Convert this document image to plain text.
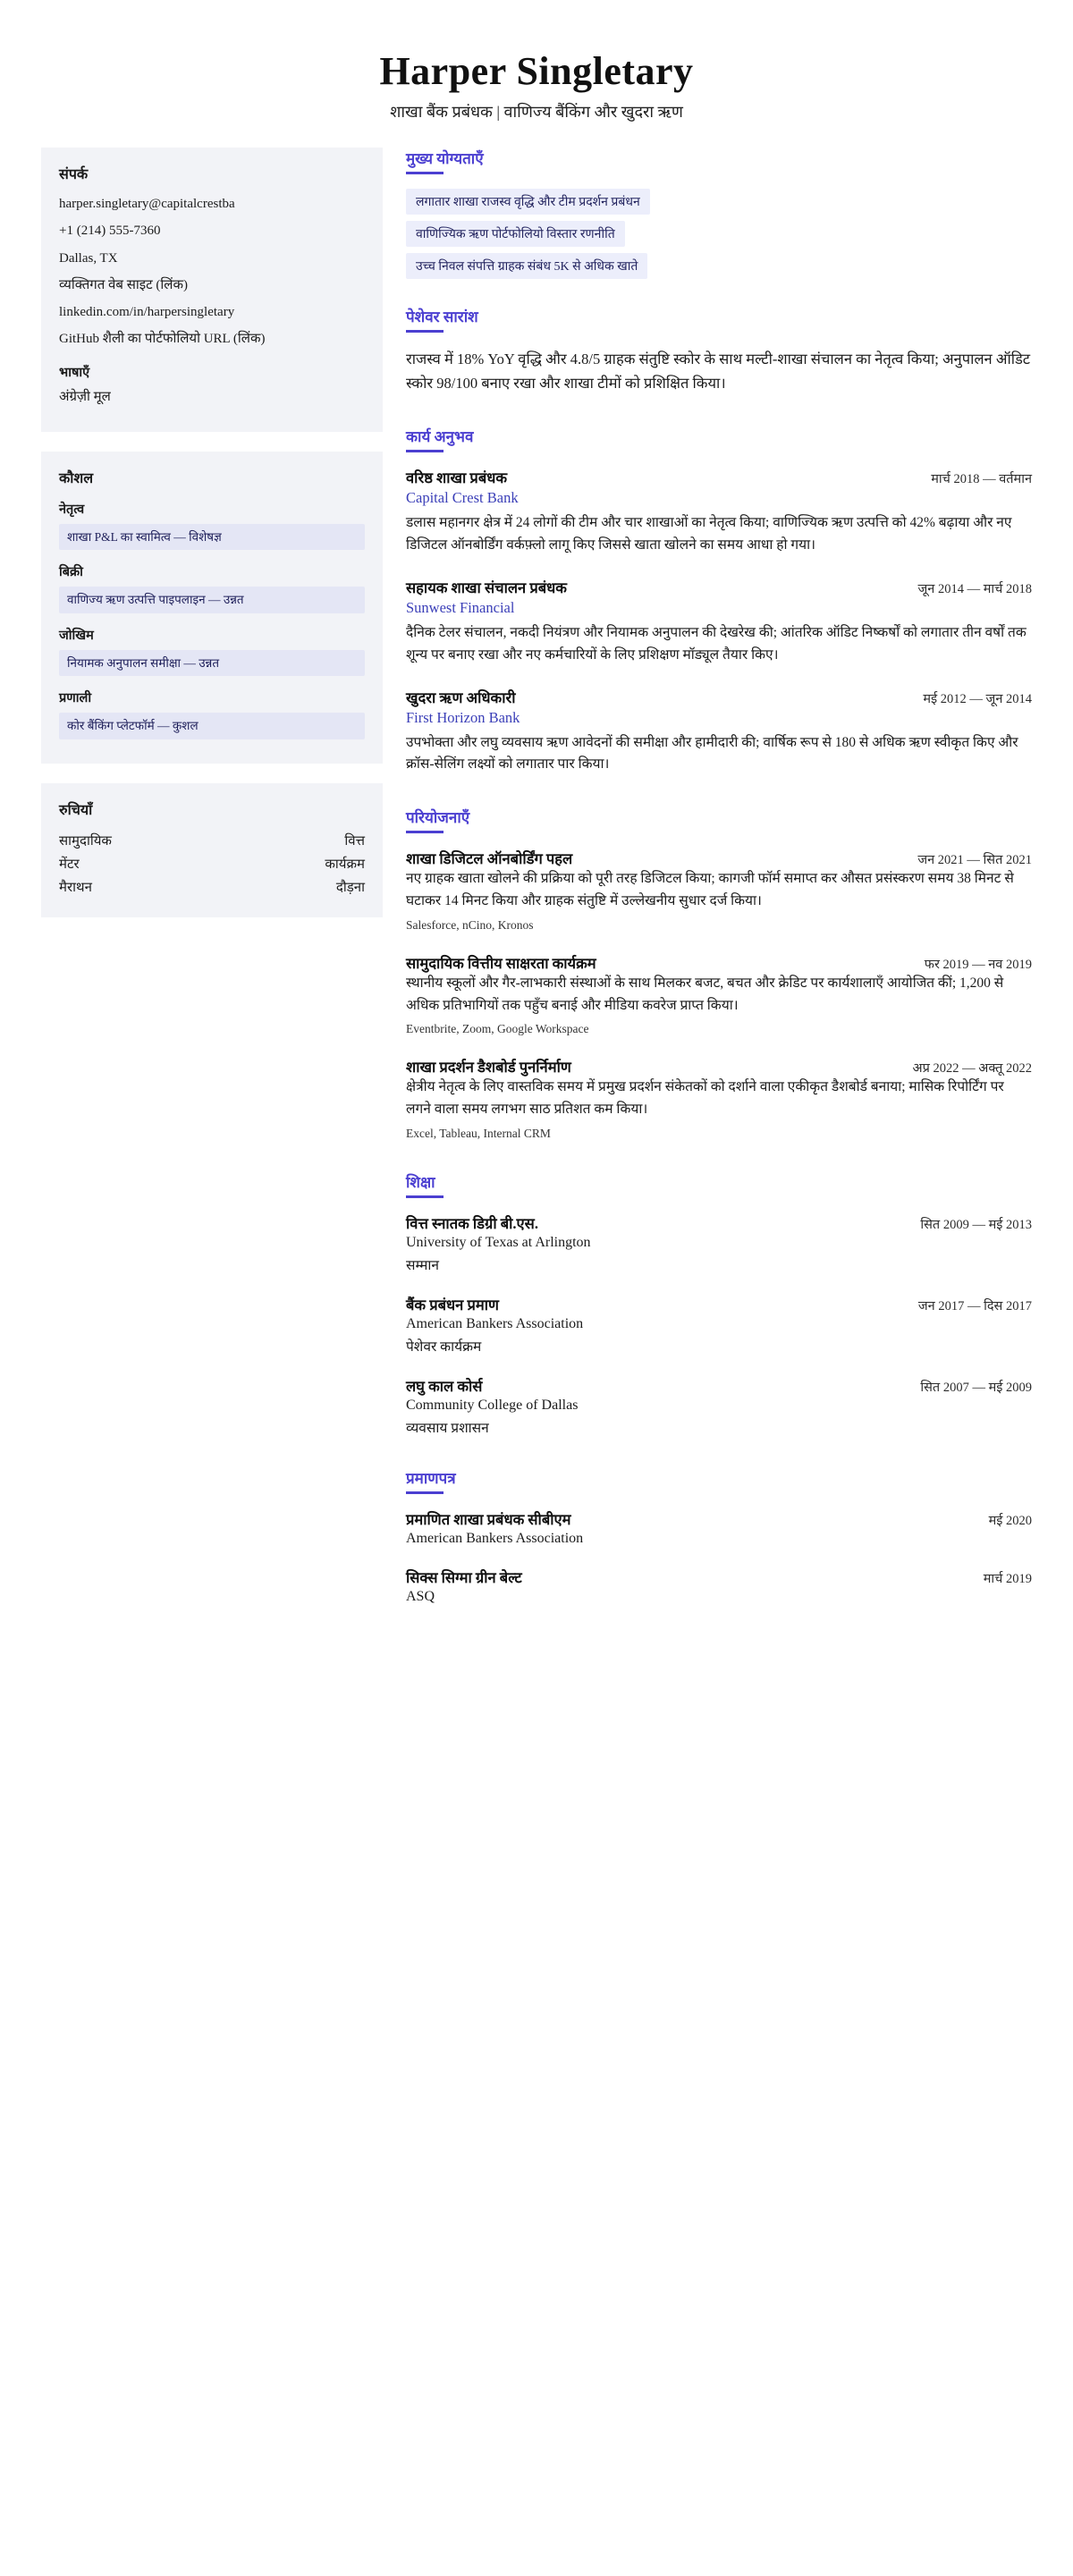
Harper Singletary

शाखा बैंक प्रबंधक | वाणिज्य बैंकिंग और खुदरा ऋण

संपर्क

harper.singletary@capitalcrestba

+1 (214) 555-7360

Dallas, TX

व्यक्तिगत वेब साइट (लिंक)

linkedin.com/in/harpersingletary

GitHub शैली का पोर्टफोलियो URL (लिंक)

भाषाएँ

अंग्रेज़ी मूल

कौशल
नेतृत्व
शाखा P&L का स्वामित्व — विशेषज्ञ
बिक्री
वाणिज्य ऋण उत्पत्ति पाइपलाइन — उन्नत
जोखिम
नियामक अनुपालन समीक्षा — उन्नत
प्रणाली
कोर बैंकिंग प्लेटफॉर्म — कुशल
रुचियाँ
सामुदायिक	वित्त
मेंटर	कार्यक्रम
मैराथन	दौड़ना
मुख्य योग्यताएँ
लगातार शाखा राजस्व वृद्धि और टीम प्रदर्शन प्रबंधन
वाणिज्यिक ऋण पोर्टफोलियो विस्तार रणनीति
उच्च निवल संपत्ति ग्राहक संबंध 5K से अधिक खाते
पेशेवर सारांश

राजस्व में 18% YoY वृद्धि और 4.8/5 ग्राहक संतुष्टि स्कोर के साथ मल्टी-शाखा संचालन का नेतृत्व किया; अनुपालन ऑडिट स्कोर 98/100 बनाए रखा और शाखा टीमों को प्रशिक्षित किया।

कार्य अनुभव
वरिष्ठ शाखा प्रबंधक	मार्च 2018 — वर्तमान
Capital Crest Bank

डलास महानगर क्षेत्र में 24 लोगों की टीम और चार शाखाओं का नेतृत्व किया; वाणिज्यिक ऋण उत्पत्ति को 42% बढ़ाया और नए डिजिटल ऑनबोर्डिंग वर्कफ़्लो लागू किए जिससे खाता खोलने का समय आधा हो गया।

सहायक शाखा संचालन प्रबंधक	जून 2014 — मार्च 2018
Sunwest Financial

दैनिक टेलर संचालन, नकदी नियंत्रण और नियामक अनुपालन की देखरेख की; आंतरिक ऑडिट निष्कर्षों को लगातार तीन वर्षों तक शून्य पर बनाए रखा और नए कर्मचारियों के लिए प्रशिक्षण मॉड्यूल तैयार किए।

खुदरा ऋण अधिकारी	मई 2012 — जून 2014
First Horizon Bank

उपभोक्ता और लघु व्यवसाय ऋण आवेदनों की समीक्षा और हामीदारी की; वार्षिक रूप से 180 से अधिक ऋण स्वीकृत किए और क्रॉस-सेलिंग लक्ष्यों को लगातार पार किया।

परियोजनाएँ
शाखा डिजिटल ऑनबोर्डिंग पहल	जन 2021 — सित 2021

नए ग्राहक खाता खोलने की प्रक्रिया को पूरी तरह डिजिटल किया; कागजी फॉर्म समाप्त कर औसत प्रसंस्करण समय 38 मिनट से घटाकर 14 मिनट किया और ग्राहक संतुष्टि में उल्लेखनीय सुधार दर्ज किया।

Salesforce, nCino, Kronos

सामुदायिक वित्तीय साक्षरता कार्यक्रम	फर 2019 — नव 2019

स्थानीय स्कूलों और गैर-लाभकारी संस्थाओं के साथ मिलकर बजट, बचत और क्रेडिट पर कार्यशालाएँ आयोजित कीं; 1,200 से अधिक प्रतिभागियों तक पहुँच बनाई और मीडिया कवरेज प्राप्त किया।

Eventbrite, Zoom, Google Workspace

शाखा प्रदर्शन डैशबोर्ड पुनर्निर्माण	अप्र 2022 — अक्तू 2022

क्षेत्रीय नेतृत्व के लिए वास्तविक समय में प्रमुख प्रदर्शन संकेतकों को दर्शाने वाला एकीकृत डैशबोर्ड बनाया; मासिक रिपोर्टिंग पर लगने वाला समय लगभग साठ प्रतिशत कम किया।

Excel, Tableau, Internal CRM

शिक्षा
वित्त स्नातक डिग्री बी.एस.	सित 2009 — मई 2013
University of Texas at Arlington

सम्मान

बैंक प्रबंधन प्रमाण	जन 2017 — दिस 2017
American Bankers Association

पेशेवर कार्यक्रम

लघु काल कोर्स	सित 2007 — मई 2009
Community College of Dallas

व्यवसाय प्रशासन

प्रमाणपत्र
प्रमाणित शाखा प्रबंधक सीबीएम	मई 2020
American Bankers Association
सिक्स सिग्मा ग्रीन बेल्ट	मार्च 2019
ASQ
